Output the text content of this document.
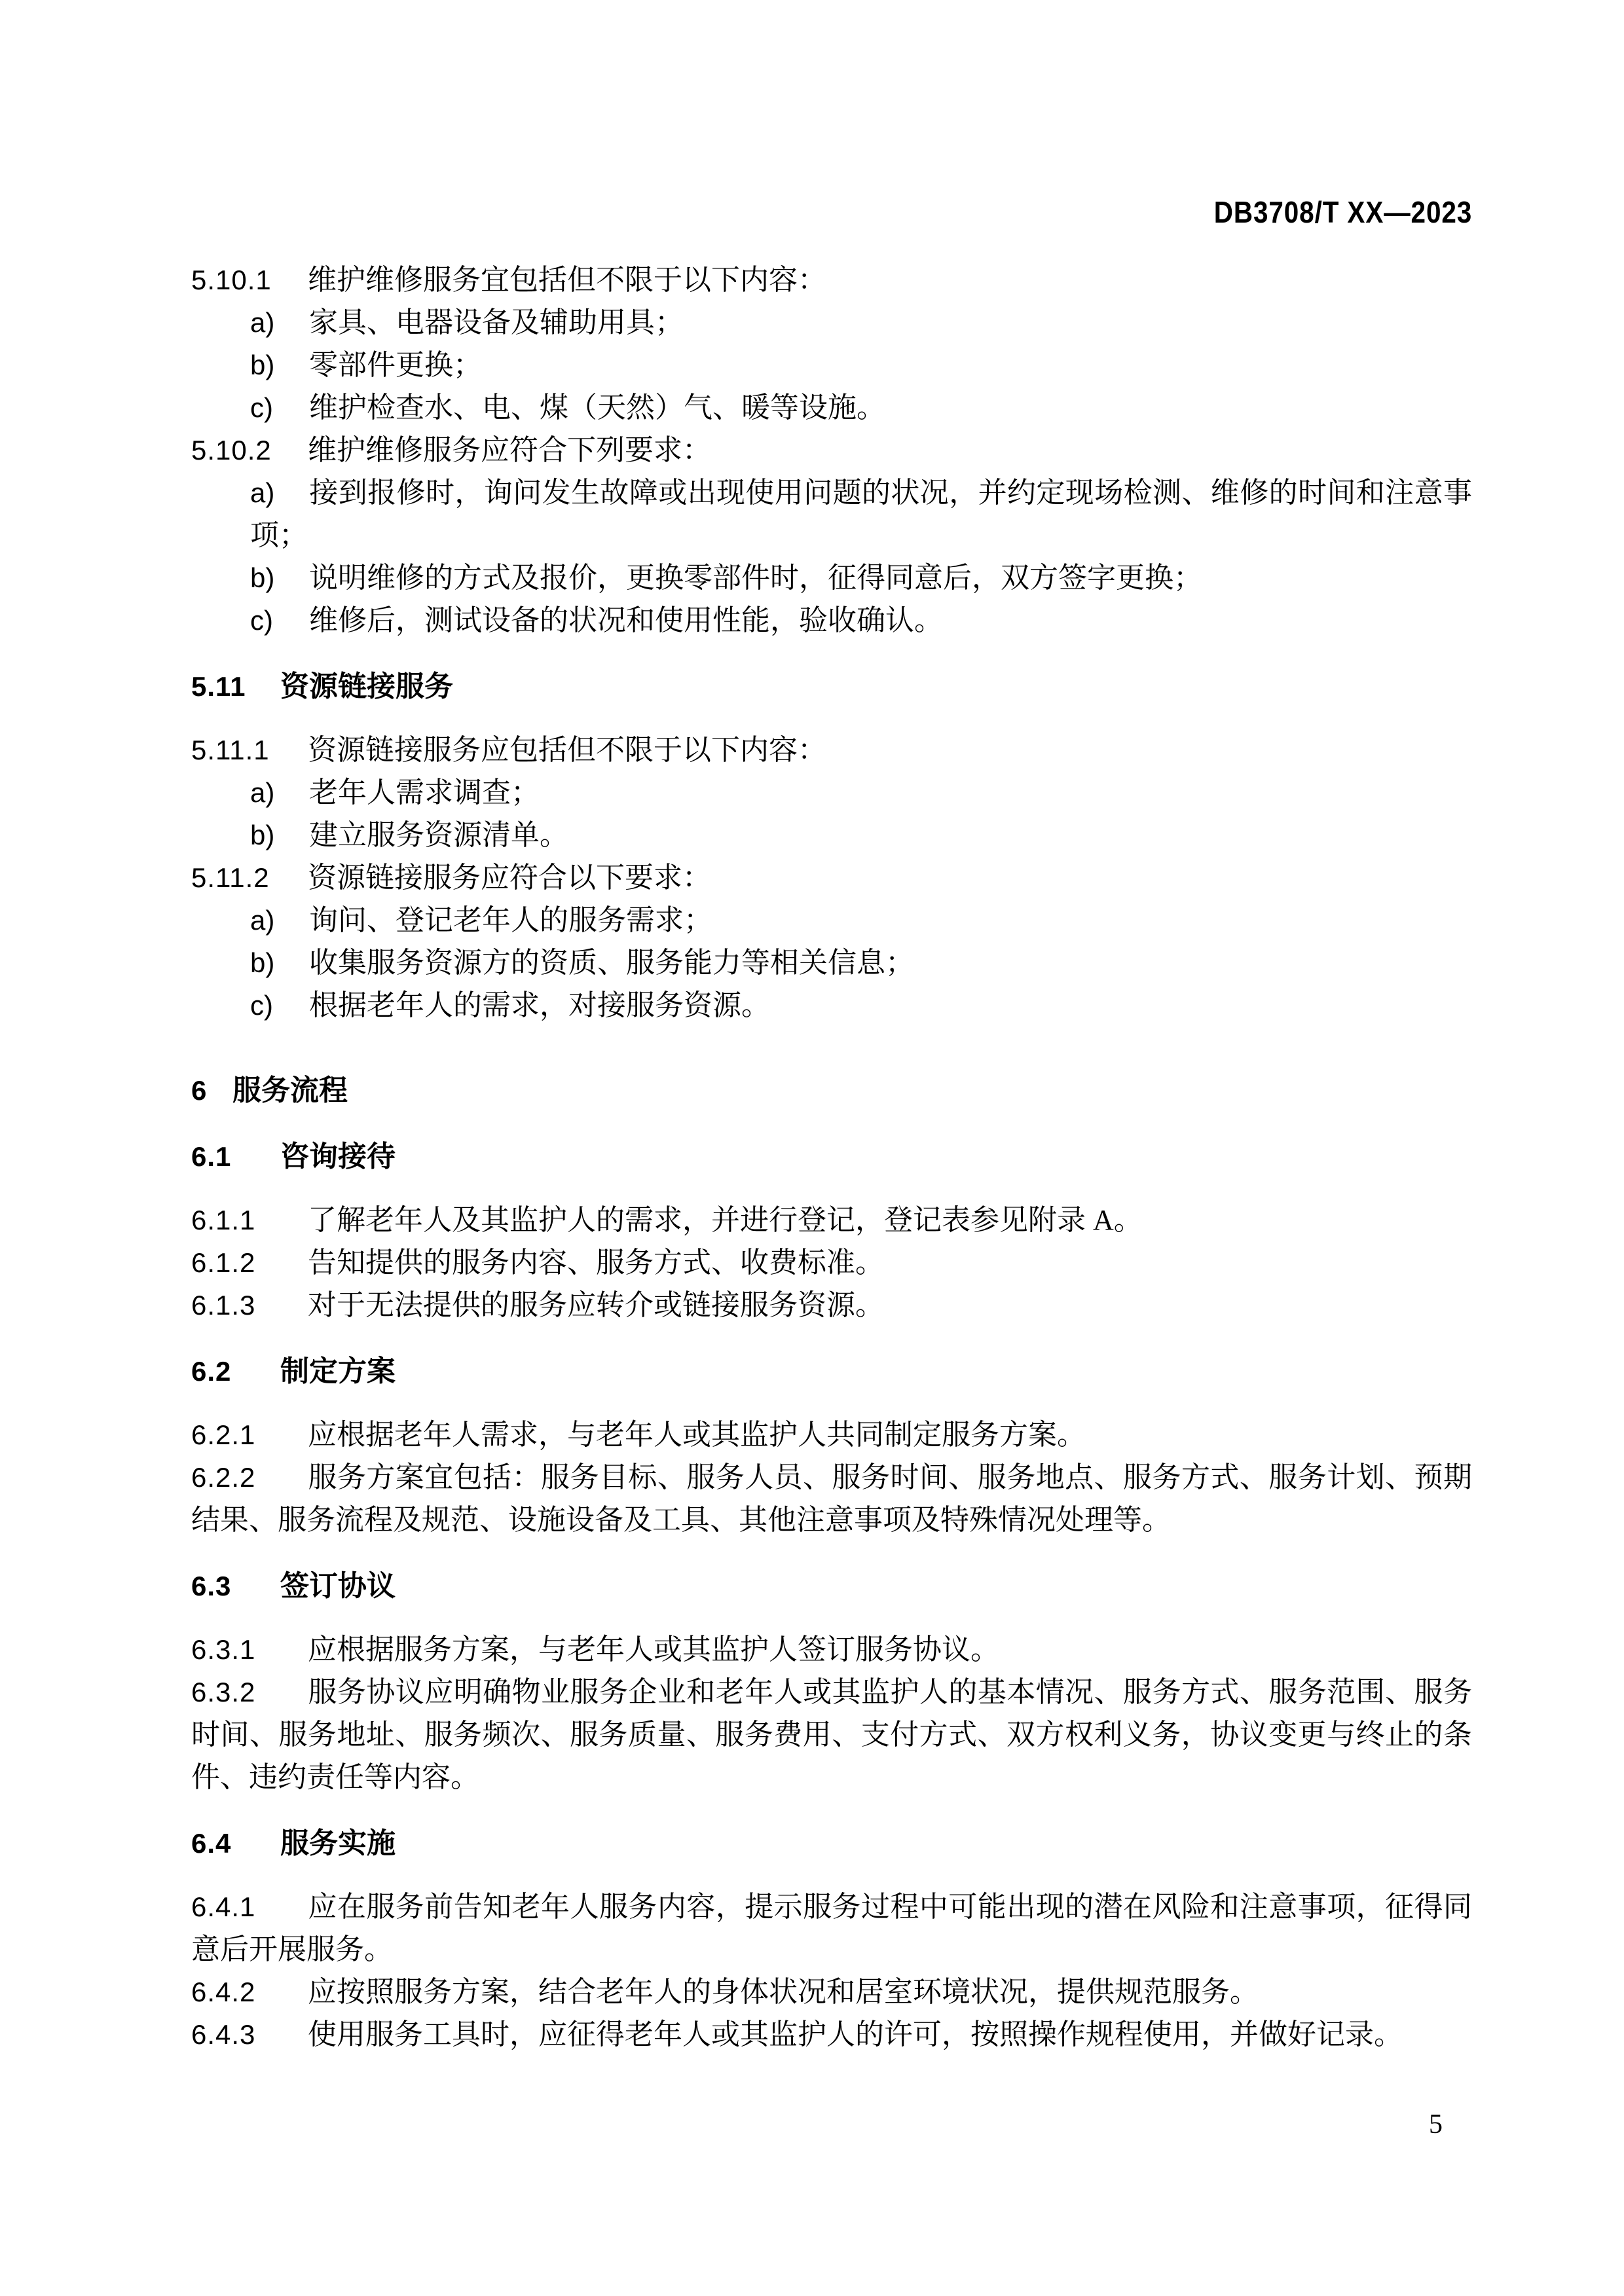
DB3708/T XX—2023

5.10.1 维护维修服务宜包括但不限于以下内容：

a) 家具、电器设备及辅助用具；

b) 零部件更换；

c) 维护检查水、电、煤（天然）气、暖等设施。

5.10.2 维护维修服务应符合下列要求：

a) 接到报修时，询问发生故障或出现使用问题的状况，并约定现场检测、维修的时间和注意事项；

b) 说明维修的方式及报价，更换零部件时，征得同意后，双方签字更换；

c) 维修后，测试设备的状况和使用性能，验收确认。

5.11 资源链接服务

5.11.1 资源链接服务应包括但不限于以下内容：

a) 老年人需求调查；

b) 建立服务资源清单。

5.11.2 资源链接服务应符合以下要求：

a) 询问、登记老年人的服务需求；

b) 收集服务资源方的资质、服务能力等相关信息；

c) 根据老年人的需求，对接服务资源。

6 服务流程

6.1 咨询接待

6.1.1 了解老年人及其监护人的需求，并进行登记，登记表参见附录 A。

6.1.2 告知提供的服务内容、服务方式、收费标准。

6.1.3 对于无法提供的服务应转介或链接服务资源。

6.2 制定方案

6.2.1 应根据老年人需求，与老年人或其监护人共同制定服务方案。

6.2.2 服务方案宜包括：服务目标、服务人员、服务时间、服务地点、服务方式、服务计划、预期结果、服务流程及规范、设施设备及工具、其他注意事项及特殊情况处理等。

6.3 签订协议

6.3.1 应根据服务方案，与老年人或其监护人签订服务协议。

6.3.2 服务协议应明确物业服务企业和老年人或其监护人的基本情况、服务方式、服务范围、服务时间、服务地址、服务频次、服务质量、服务费用、支付方式、双方权利义务，协议变更与终止的条件、违约责任等内容。

6.4 服务实施

6.4.1 应在服务前告知老年人服务内容，提示服务过程中可能出现的潜在风险和注意事项，征得同意后开展服务。

6.4.2 应按照服务方案，结合老年人的身体状况和居室环境状况，提供规范服务。

6.4.3 使用服务工具时，应征得老年人或其监护人的许可，按照操作规程使用，并做好记录。

5
